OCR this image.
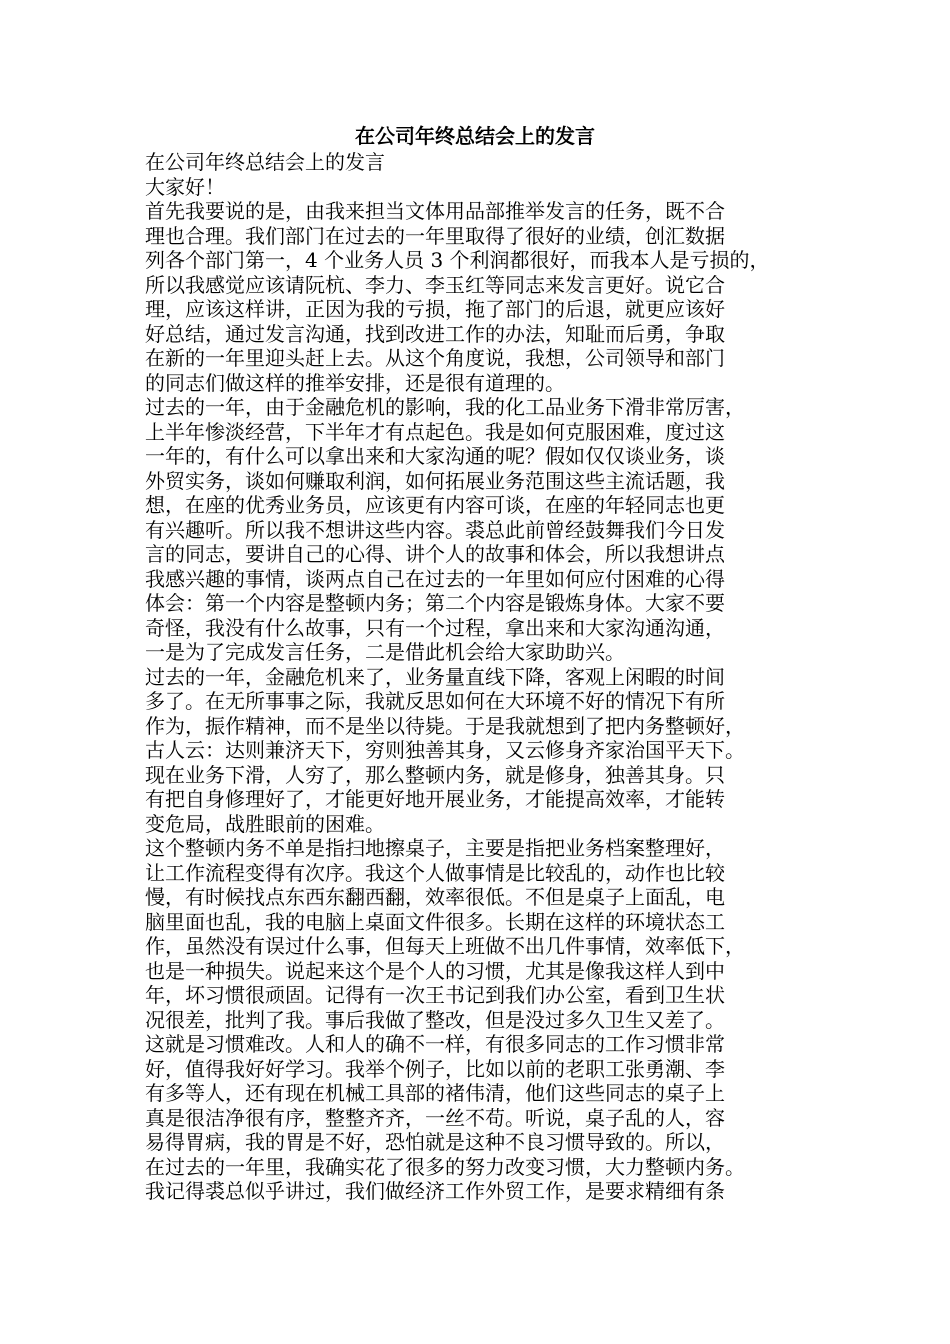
在公司年终总结会上的发言
在公司年终总结会上的发言
大家好！
首先我要说的是，由我来担当文体用品部推举发言的任务，既不合
理也合理。我们部门在过去的一年里取得了很好的业绩，创汇数据
列各个部门第一，4 个业务人员 3 个利润都很好，而我本人是亏损的，
所以我感觉应该请阮杭、李力、李玉红等同志来发言更好。说它合
理，应该这样讲，正因为我的亏损，拖了部门的后退，就更应该好
好总结，通过发言沟通，找到改进工作的办法，知耻而后勇，争取
在新的一年里迎头赶上去。从这个角度说，我想，公司领导和部门
的同志们做这样的推举安排，还是很有道理的。
过去的一年，由于金融危机的影响，我的化工品业务下滑非常厉害，
上半年惨淡经营，下半年才有点起色。我是如何克服困难，度过这
一年的，有什么可以拿出来和大家沟通的呢？假如仅仅谈业务，谈
外贸实务，谈如何赚取利润，如何拓展业务范围这些主流话题，我
想，在座的优秀业务员，应该更有内容可谈，在座的年轻同志也更
有兴趣听。所以我不想讲这些内容。裘总此前曾经鼓舞我们今日发
言的同志，要讲自己的心得、讲个人的故事和体会，所以我想讲点
我感兴趣的事情，谈两点自己在过去的一年里如何应付困难的心得
体会：第一个内容是整顿内务；第二个内容是锻炼身体。大家不要
奇怪，我没有什么故事，只有一个过程，拿出来和大家沟通沟通，
一是为了完成发言任务，二是借此机会给大家助助兴。
过去的一年，金融危机来了，业务量直线下降，客观上闲暇的时间
多了。在无所事事之际，我就反思如何在大环境不好的情况下有所
作为，振作精神，而不是坐以待毙。于是我就想到了把内务整顿好，
古人云：达则兼济天下，穷则独善其身，又云修身齐家治国平天下。
现在业务下滑，人穷了，那么整顿内务，就是修身，独善其身。只
有把自身修理好了，才能更好地开展业务，才能提高效率，才能转
变危局，战胜眼前的困难。
这个整顿内务不单是指扫地擦桌子，主要是指把业务档案整理好，
让工作流程变得有次序。我这个人做事情是比较乱的，动作也比较
慢，有时候找点东西东翻西翻，效率很低。不但是桌子上面乱，电
脑里面也乱，我的电脑上桌面文件很多。长期在这样的环境状态工
作，虽然没有误过什么事，但每天上班做不出几件事情，效率低下，
也是一种损失。说起来这个是个人的习惯，尤其是像我这样人到中
年，坏习惯很顽固。记得有一次王书记到我们办公室，看到卫生状
况很差，批判了我。事后我做了整改，但是没过多久卫生又差了。
这就是习惯难改。人和人的确不一样，有很多同志的工作习惯非常
好，值得我好好学习。我举个例子，比如以前的老职工张勇潮、李
有多等人，还有现在机械工具部的褚伟清，他们这些同志的桌子上
真是很洁净很有序，整整齐齐，一丝不苟。听说，桌子乱的人，容
易得胃病，我的胃是不好，恐怕就是这种不良习惯导致的。所以，
在过去的一年里，我确实花了很多的努力改变习惯，大力整顿内务。
我记得裘总似乎讲过，我们做经济工作外贸工作，是要求精细有条
